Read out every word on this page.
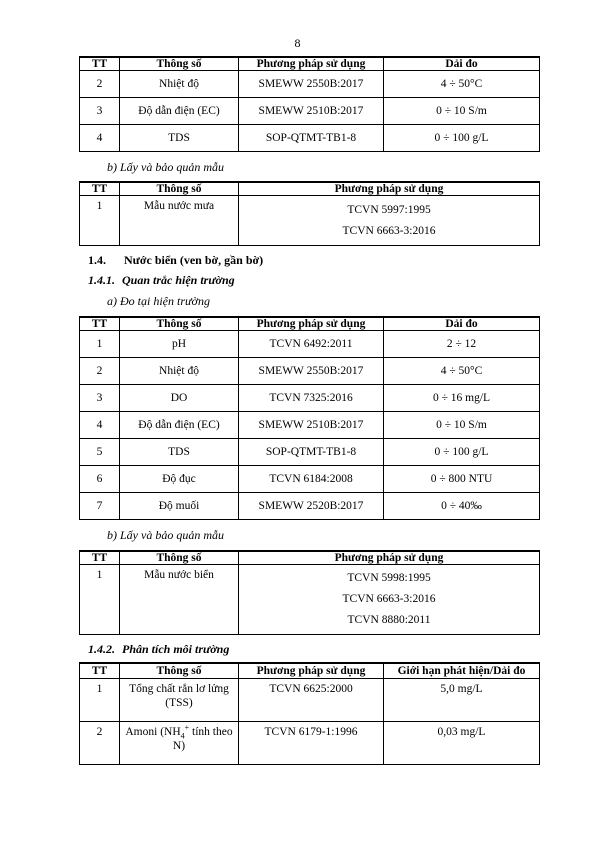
8
TT	Thông số	Phương pháp sử dụng	Dải đo
2	Nhiệt độ	SMEWW 2550B:2017	4 ÷ 50°C
3	Độ dẫn điện (EC)	SMEWW 2510B:2017	0 ÷ 10 S/m
4	TDS	SOP-QTMT-TB1-8	0 ÷ 100 g/L
b) Lấy và bảo quản mẫu
TT	Thông số	Phương pháp sử dụng
1	Mẫu nước mưa	TCVN 5997:1995
TCVN 6663-3:2016
1.4. Nước biển (ven bờ, gần bờ)
1.4.1. Quan trắc hiện trường
a) Đo tại hiện trường
TT	Thông số	Phương pháp sử dụng	Dải đo
1	pH	TCVN 6492:2011	2 ÷ 12
2	Nhiệt độ	SMEWW 2550B:2017	4 ÷ 50°C
3	DO	TCVN 7325:2016	0 ÷ 16 mg/L
4	Độ dẫn điện (EC)	SMEWW 2510B:2017	0 ÷ 10 S/m
5	TDS	SOP-QTMT-TB1-8	0 ÷ 100 g/L
6	Độ đục	TCVN 6184:2008	0 ÷ 800 NTU
7	Độ muối	SMEWW 2520B:2017	0 ÷ 40‰
b) Lấy và bảo quản mẫu
TT	Thông số	Phương pháp sử dụng
1	Mẫu nước biển	TCVN 5998:1995
TCVN 6663-3:2016
TCVN 8880:2011
1.4.2. Phân tích môi trường
TT	Thông số	Phương pháp sử dụng	Giới hạn phát hiện/Dải đo
1	Tổng chất rắn lơ lửng (TSS)	TCVN 6625:2000	5,0 mg/L
2	Amoni ($NH_4^+$ tính theo N)	TCVN 6179-1:1996	0,03 mg/L
